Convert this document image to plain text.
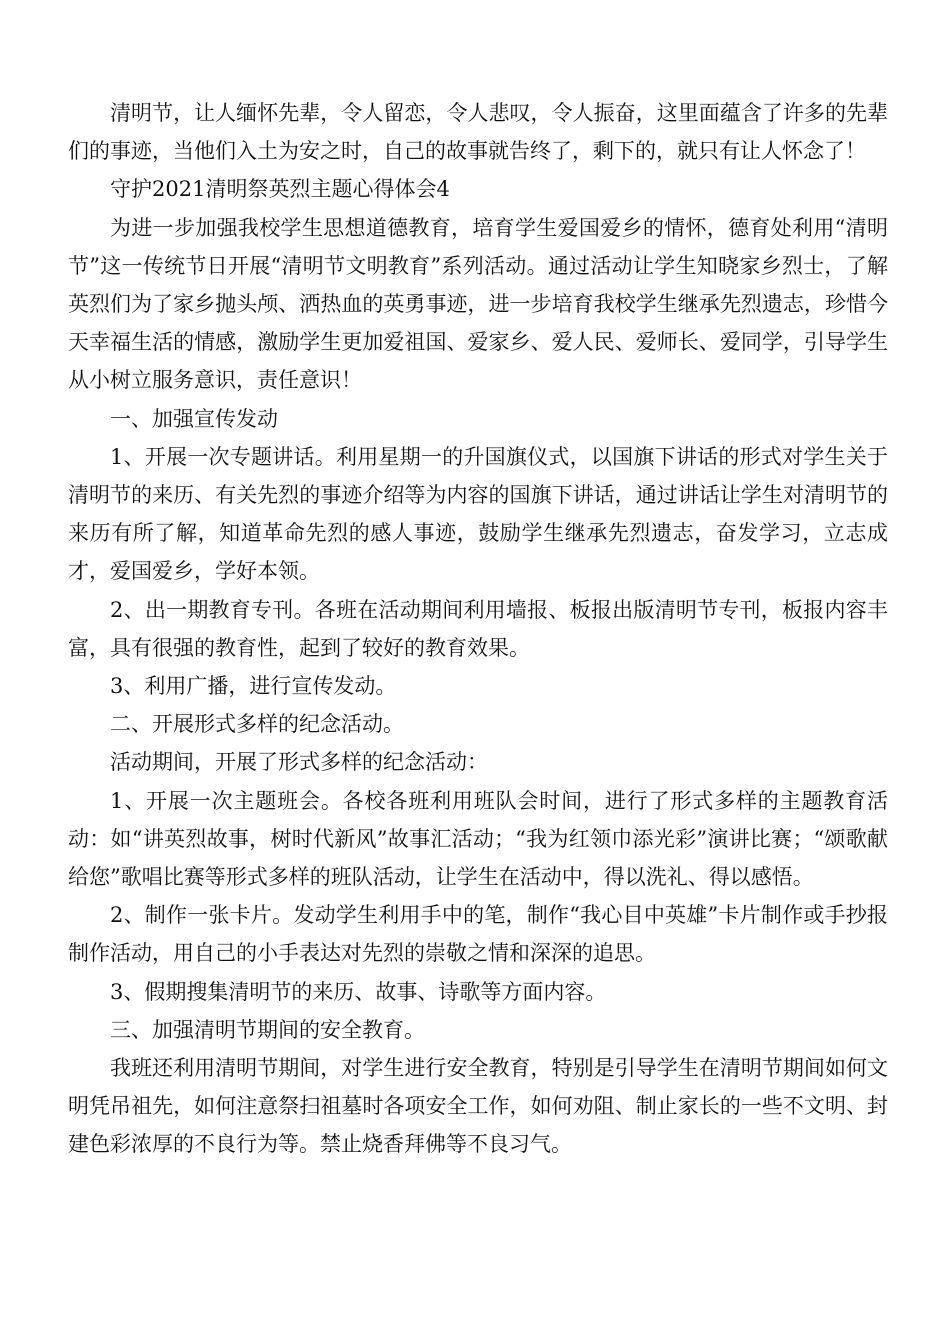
清明节，让人缅怀先辈，令人留恋，令人悲叹，令人振奋，这里面蕴含了许多的先辈们的事迹，当他们入土为安之时，自己的故事就告终了，剩下的，就只有让人怀念了！

守护2021清明祭英烈主题心得体会4

为进一步加强我校学生思想道德教育，培育学生爱国爱乡的情怀，德育处利用“清明节”这一传统节日开展“清明节文明教育”系列活动。通过活动让学生知晓家乡烈士，了解英烈们为了家乡抛头颅、洒热血的英勇事迹，进一步培育我校学生继承先烈遗志，珍惜今天幸福生活的情感，激励学生更加爱祖国、爱家乡、爱人民、爱师长、爱同学，引导学生从小树立服务意识，责任意识！

一、加强宣传发动

1、开展一次专题讲话。利用星期一的升国旗仪式，以国旗下讲话的形式对学生关于清明节的来历、有关先烈的事迹介绍等为内容的国旗下讲话，通过讲话让学生对清明节的来历有所了解，知道革命先烈的感人事迹，鼓励学生继承先烈遗志，奋发学习，立志成才，爱国爱乡，学好本领。

2、出一期教育专刊。各班在活动期间利用墙报、板报出版清明节专刊，板报内容丰富，具有很强的教育性，起到了较好的教育效果。

3、利用广播，进行宣传发动。

二、开展形式多样的纪念活动。

活动期间，开展了形式多样的纪念活动：

1、开展一次主题班会。各校各班利用班队会时间，进行了形式多样的主题教育活动：如“讲英烈故事，树时代新风”故事汇活动；“我为红领巾添光彩”演讲比赛；“颂歌献给您”歌唱比赛等形式多样的班队活动，让学生在活动中，得以洗礼、得以感悟。

2、制作一张卡片。发动学生利用手中的笔，制作“我心目中英雄”卡片制作或手抄报制作活动，用自己的小手表达对先烈的崇敬之情和深深的追思。

3、假期搜集清明节的来历、故事、诗歌等方面内容。

三、加强清明节期间的安全教育。

我班还利用清明节期间，对学生进行安全教育，特别是引导学生在清明节期间如何文明凭吊祖先，如何注意祭扫祖墓时各项安全工作，如何劝阻、制止家长的一些不文明、封建色彩浓厚的不良行为等。禁止烧香拜佛等不良习气。
